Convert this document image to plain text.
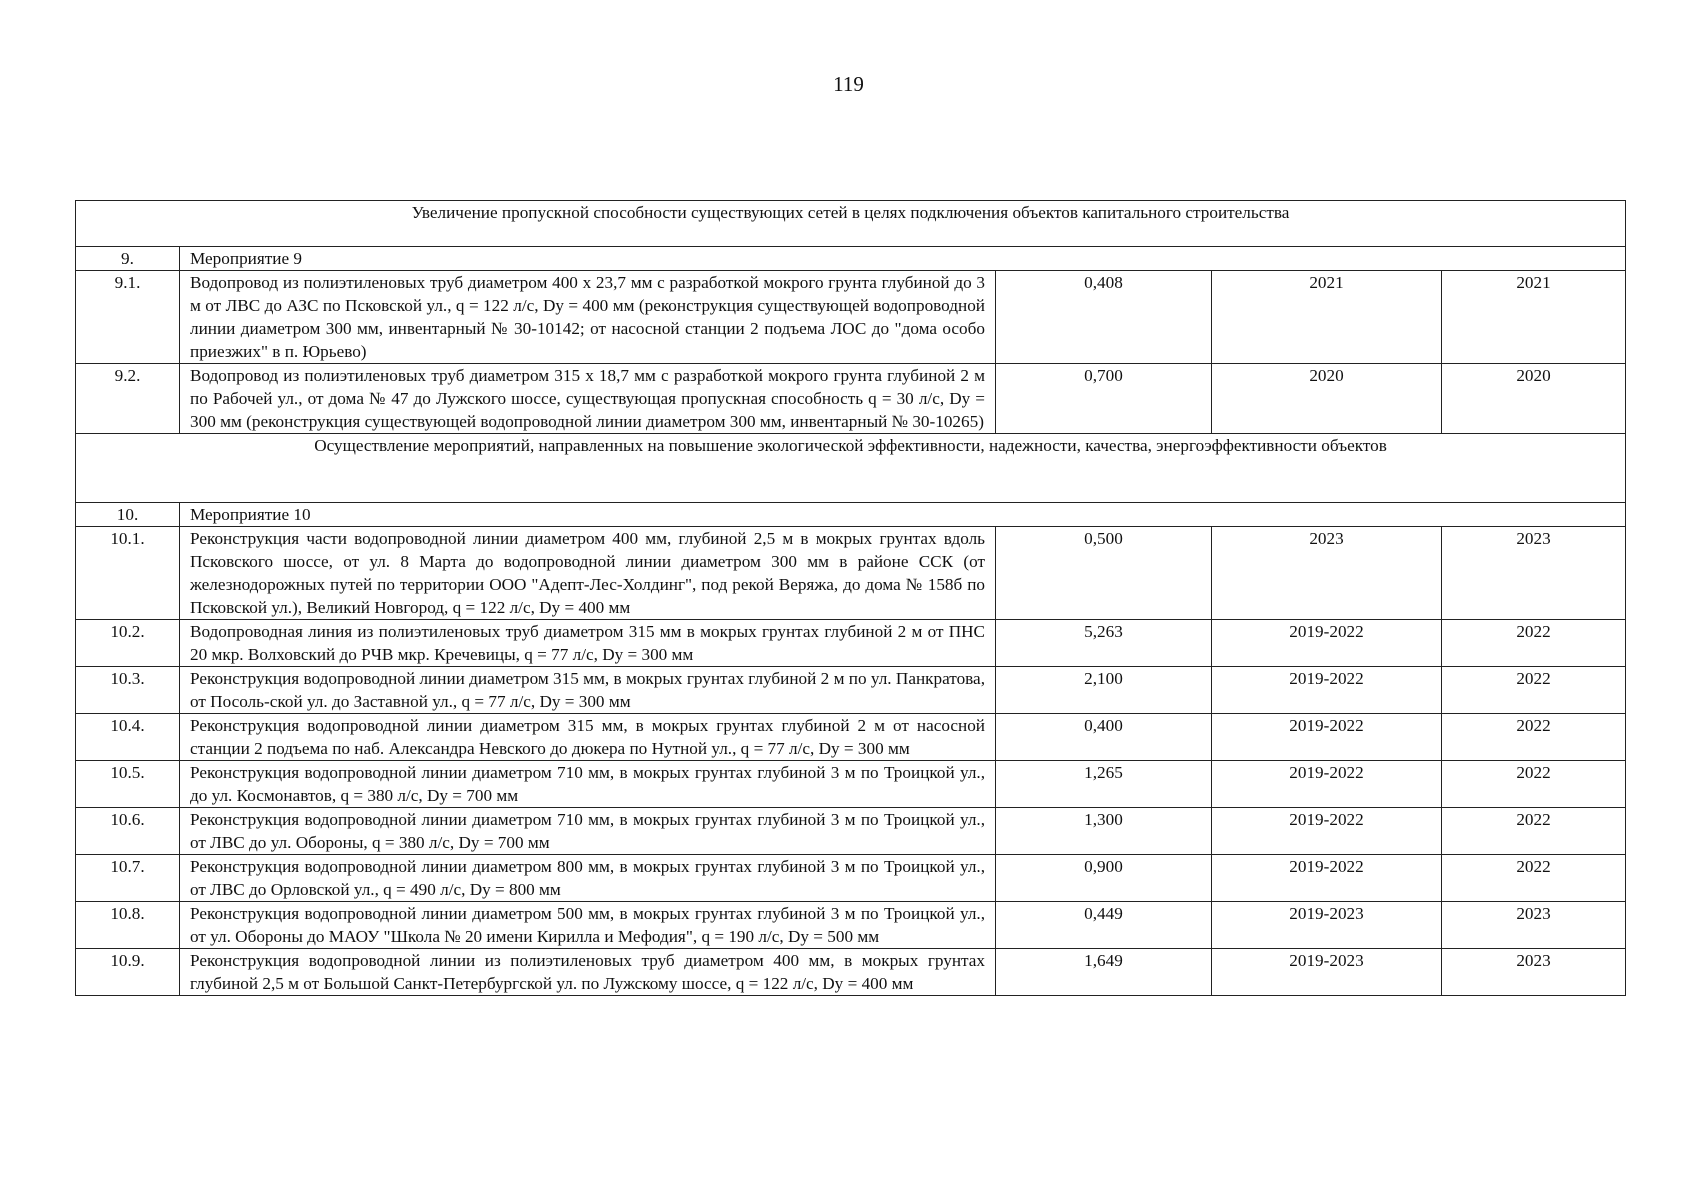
119
Увеличение пропускной способности существующих сетей в целях подключения объектов капитального строительства				
9.	Мероприятие 9			
9.1.	Водопровод из полиэтиленовых труб диаметром 400 х 23,7 мм с разработкой мокрого грунта глубиной до 3 м от ЛВС до АЗС по Псковской ул., q = 122 л/с, Dy = 400 мм (реконструкция существующей водопроводной линии диаметром 300 мм, инвентарный № 30-10142; от насосной станции 2 подъема ЛОС до "дома особо приезжих" в п. Юрьево)	0,408	2021	2021
9.2.	Водопровод из полиэтиленовых труб диаметром 315 х 18,7 мм с разработкой мокрого грунта глубиной 2 м по Рабочей ул., от дома № 47 до Лужского шоссе, существующая пропускная способность q = 30 л/с, Dy = 300 мм (реконструкция существующей водопроводной линии диаметром 300 мм, инвентарный № 30-10265)	0,700	2020	2020
Осуществление мероприятий, направленных на повышение экологической эффективности, надежности, качества, энергоэффективности объектов				
10.	Мероприятие 10			
10.1.	Реконструкция части водопроводной линии диаметром 400 мм, глубиной 2,5 м в мокрых грунтах вдоль Псковского шоссе, от ул. 8 Марта до водопроводной линии диаметром 300 мм в районе ССК (от железнодорожных путей по территории ООО "Адепт-Лес-Холдинг", под рекой Веряжа, до дома № 158б по Псковской ул.), Великий Новгород, q = 122 л/с, Dy = 400 мм	0,500	2023	2023
10.2.	Водопроводная линия из полиэтиленовых труб диаметром 315 мм в мокрых грунтах глубиной 2 м от ПНС 20 мкр. Волховский до РЧВ мкр. Кречевицы, q = 77 л/с, Dy = 300 мм	5,263	2019-2022	2022
10.3.	Реконструкция водопроводной линии диаметром 315 мм, в мокрых грунтах глубиной 2 м по ул. Панкратова, от Посоль-ской ул. до Заставной ул., q = 77 л/с, Dy = 300 мм	2,100	2019-2022	2022
10.4.	Реконструкция водопроводной линии диаметром 315 мм, в мокрых грунтах глубиной 2 м от насосной станции 2 подъема по наб. Александра Невского до дюкера по Нутной ул., q = 77 л/с, Dy = 300 мм	0,400	2019-2022	2022
10.5.	Реконструкция водопроводной линии диаметром 710 мм, в мокрых грунтах глубиной 3 м по Троицкой ул., до ул. Космонавтов, q = 380 л/с, Dy = 700 мм	1,265	2019-2022	2022
10.6.	Реконструкция водопроводной линии диаметром 710 мм, в мокрых грунтах глубиной 3 м по Троицкой ул., от ЛВС до ул. Обороны, q = 380 л/с, Dy = 700 мм	1,300	2019-2022	2022
10.7.	Реконструкция водопроводной линии диаметром 800 мм, в мокрых грунтах глубиной 3 м по Троицкой ул., от ЛВС до Орловской ул., q = 490 л/с, Dy = 800 мм	0,900	2019-2022	2022
10.8.	Реконструкция водопроводной линии диаметром 500 мм, в мокрых грунтах глубиной 3 м по Троицкой ул., от ул. Обороны до МАОУ "Школа № 20 имени Кирилла и Мефодия", q = 190 л/с, Dy = 500 мм	0,449	2019-2023	2023
10.9.	Реконструкция водопроводной линии из полиэтиленовых труб диаметром 400 мм, в мокрых грунтах глубиной 2,5 м от Большой Санкт-Петербургской ул. по Лужскому шоссе, q = 122 л/с, Dy = 400 мм	1,649	2019-2023	2023
